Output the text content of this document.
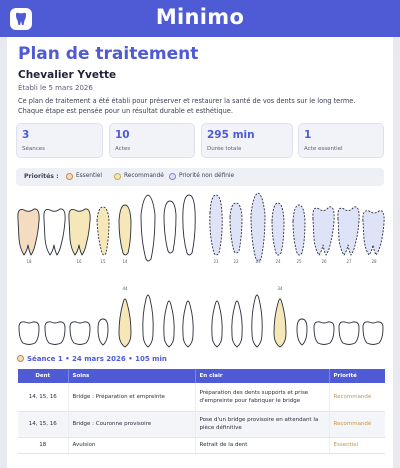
Minimo
Plan de traitement
Chevalier Yvette
Établi le 5 mars 2026
Ce plan de traitement a été établi pour préserver et restaurer la santé de vos dents sur le long terme.
Chaque étape est pensée pour un résultat durable et esthétique.
3
Séances
10
Actes
295 min
Durée totale
1
Acte essentiel
Priorités :	Essentiel	Recommandé	Priorité non définie
18	16	15	14	21	22	23	24	25	26	27	28
44	34
Séance 1 • 24 mars 2026 • 105 min
Dent	Soins	En clair	Priorité
14, 15, 16	Bridge : Préparation et empreinte	Préparation des dents supports et prise d'empreinte pour fabriquer le bridge	Recommandé
14, 15, 16	Bridge : Couronne provisoire	Pose d'un bridge provisoire en attendant la pièce définitive	Recommandé
18	Avulsion	Retrait de la dent	Essentiel
